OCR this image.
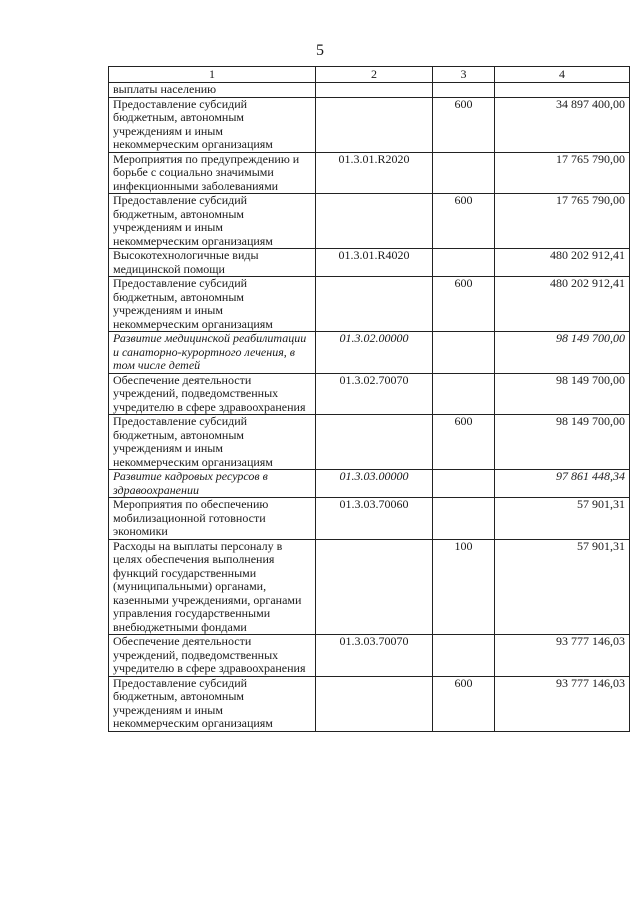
5
1	2	3	4
выплаты населению			
Предоставление субсидий бюджетным, автономным учреждениям и иным некоммерческим организациям		600	34 897 400,00
Мероприятия по предупреждению и борьбе с социально значимыми инфекционными заболеваниями	01.3.01.R2020		17 765 790,00
Предоставление субсидий бюджетным, автономным учреждениям и иным некоммерческим организациям		600	17 765 790,00
Высокотехнологичные виды медицинской помощи	01.3.01.R4020		480 202 912,41
Предоставление субсидий бюджетным, автономным учреждениям и иным некоммерческим организациям		600	480 202 912,41
Развитие медицинской реабилитации и санаторно-курортного лечения, в том числе детей	01.3.02.00000		98 149 700,00
Обеспечение деятельности учреждений, подведомственных учредителю в сфере здравоохранения	01.3.02.70070		98 149 700,00
Предоставление субсидий бюджетным, автономным учреждениям и иным некоммерческим организациям		600	98 149 700,00
Развитие кадровых ресурсов в здравоохранении	01.3.03.00000		97 861 448,34
Мероприятия по обеспечению мобилизационной готовности экономики	01.3.03.70060		57 901,31
Расходы на выплаты персоналу в целях обеспечения выполнения функций государственными (муниципальными) органами, казенными учреждениями, органами управления государственными внебюджетными фондами		100	57 901,31
Обеспечение деятельности учреждений, подведомственных учредителю в сфере здравоохранения	01.3.03.70070		93 777 146,03
Предоставление субсидий бюджетным, автономным учреждениям и иным некоммерческим организациям		600	93 777 146,03
